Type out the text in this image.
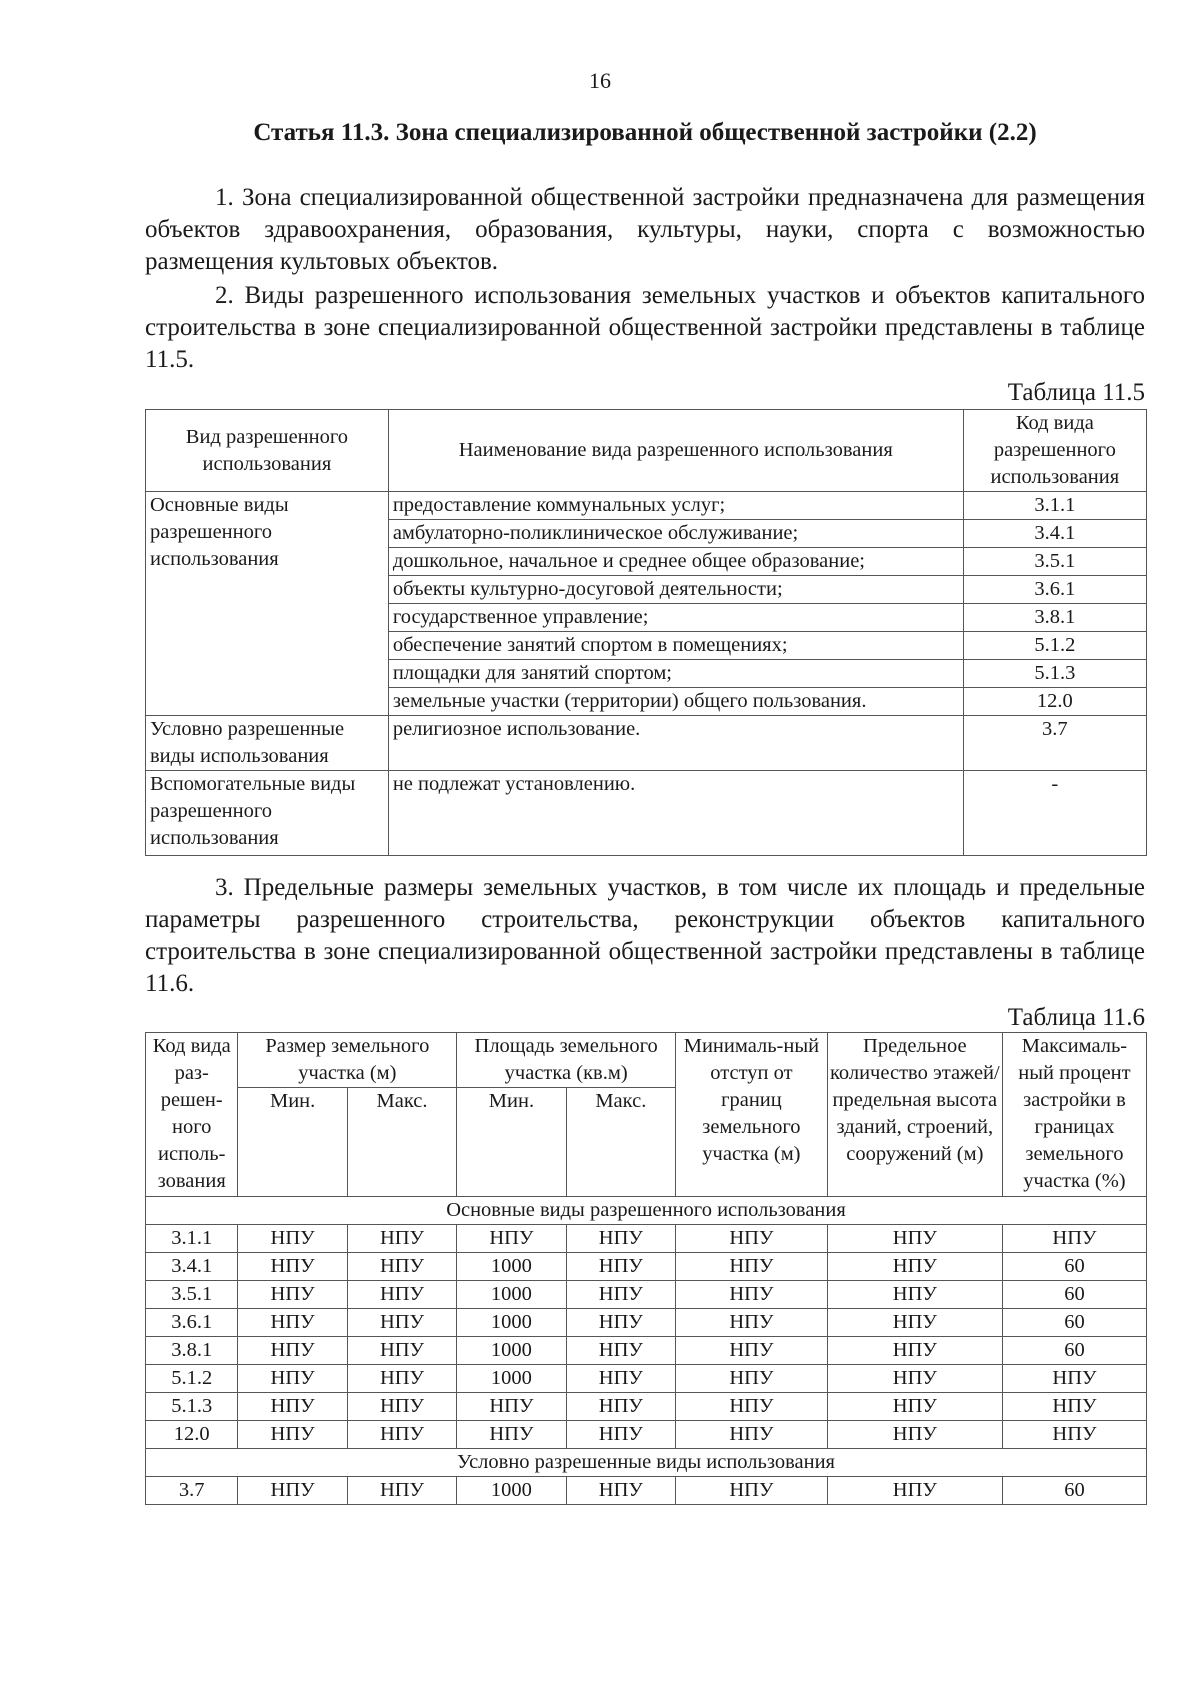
16
Статья 11.3. Зона специализированной общественной застройки (2.2)

1. Зона специализированной общественной застройки предназначена для размещения объектов здравоохранения, образования, культуры, науки, спорта с возможностью размещения культовых объектов.

2. Виды разрешенного использования земельных участков и объектов капитального строительства в зоне специализированной общественной застройки представлены в таблице 11.5.

Таблица 11.5
Вид разрешенного использования	Наименование вида разрешенного использования	Код вида разрешенного использования
Основные виды разрешенного использования	предоставление коммунальных услуг;	3.1.1
	амбулаторно-поликлиническое обслуживание;	3.4.1
	дошкольное, начальное и среднее общее образование;	3.5.1
	объекты культурно-досуговой деятельности;	3.6.1
	государственное управление;	3.8.1
	обеспечение занятий спортом в помещениях;	5.1.2
	площадки для занятий спортом;	5.1.3
	земельные участки (территории) общего пользования.	12.0
Условно разрешенные виды использования	религиозное использование.	3.7
Вспомогательные виды разрешенного использования	не подлежат установлению.	-

3. Предельные размеры земельных участков, в том числе их площадь и предельные параметры разрешенного строительства, реконструкции объектов капитального строительства в зоне специализированной общественной застройки представлены в таблице 11.6.

Таблица 11.6
Код вида раз-решен-ного исполь-зования	Размер земельного участка (м)		Площадь земельного участка (кв.м)		Минималь-ный отступ от границ земельного участка (м)	Предельное количество этажей/ предельная высота зданий, строений, сооружений (м)	Максималь-ный процент застройки в границах земельного участка (%)
	Мин.	Макс.	Мин.	Макс.			
Основные виды разрешенного использования							
3.1.1	НПУ	НПУ	НПУ	НПУ	НПУ	НПУ	НПУ
3.4.1	НПУ	НПУ	1000	НПУ	НПУ	НПУ	60
3.5.1	НПУ	НПУ	1000	НПУ	НПУ	НПУ	60
3.6.1	НПУ	НПУ	1000	НПУ	НПУ	НПУ	60
3.8.1	НПУ	НПУ	1000	НПУ	НПУ	НПУ	60
5.1.2	НПУ	НПУ	1000	НПУ	НПУ	НПУ	НПУ
5.1.3	НПУ	НПУ	НПУ	НПУ	НПУ	НПУ	НПУ
12.0	НПУ	НПУ	НПУ	НПУ	НПУ	НПУ	НПУ
Условно разрешенные виды использования							
3.7	НПУ	НПУ	1000	НПУ	НПУ	НПУ	60
